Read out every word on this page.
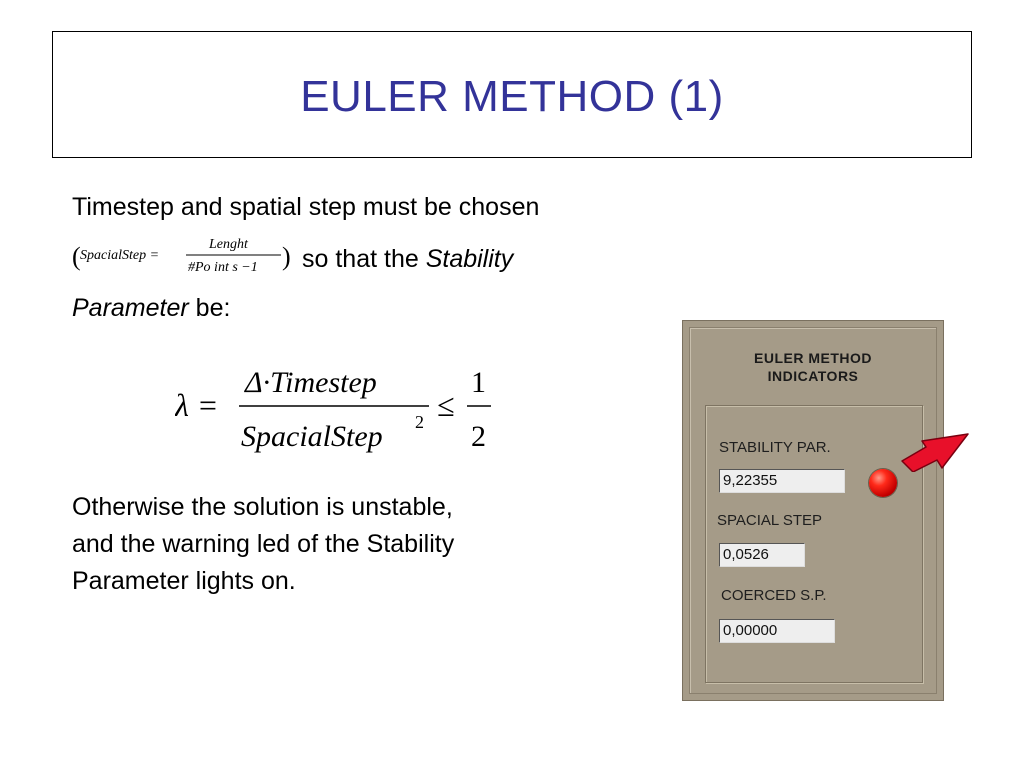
EULER METHOD (1)
Timestep and spatial step must be chosen
( SpacialStep =
Lenght
#Po int s −1 ) so that the Stability
Parameter be:
λ =
Δ·Timestep
SpacialStep 2 ≤
1
2
Otherwise the solution is unstable,
and the warning led of the Stability
Parameter lights on.
EULER METHOD
INDICATORS
STABILITY PAR.
9,22355
SPACIAL STEP
0,0526
COERCED S.P.
0,00000
